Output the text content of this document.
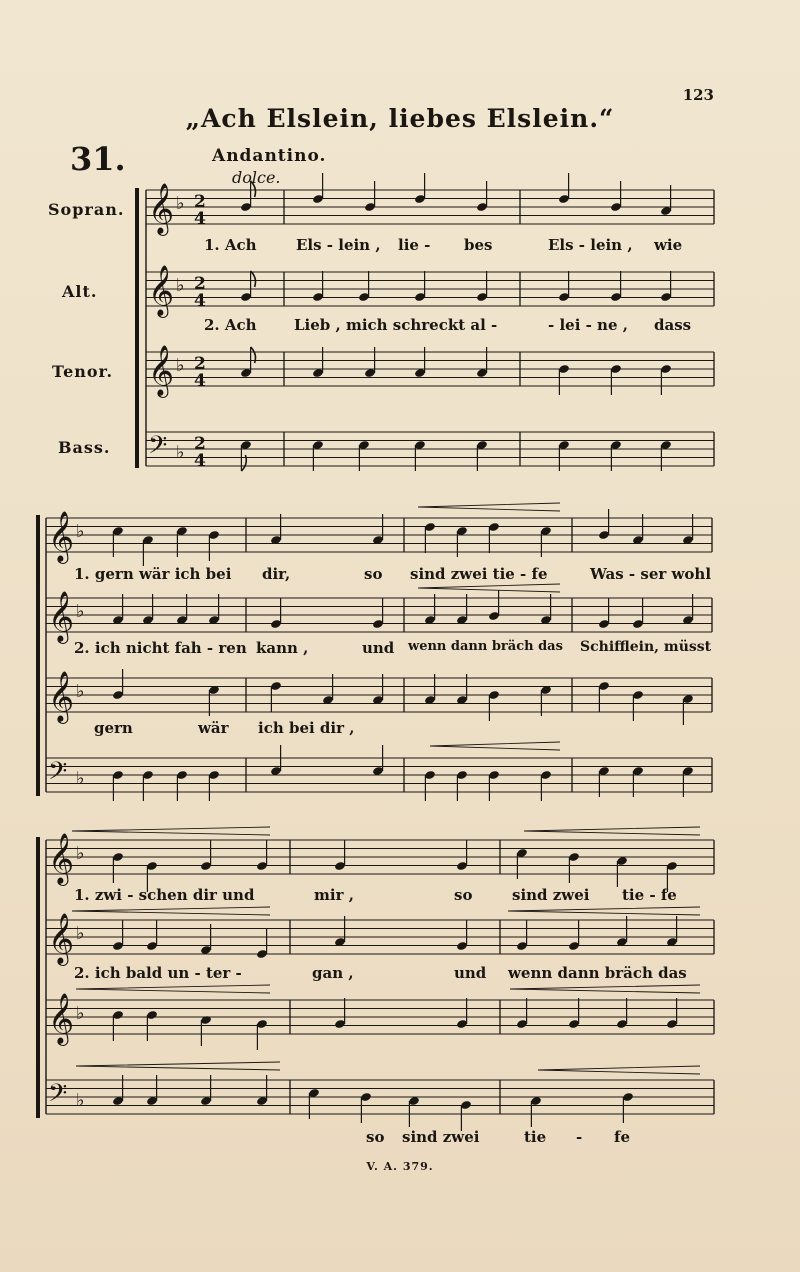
𝄞 ♭ 2
4
𝄞 ♭ 2
4
𝄞 ♭ 2
4
𝄢 ♭ 2
4
𝄞 ♭
𝄞 ♭
𝄞 ♭
𝄢 ♭
𝄞 ♭
𝄞 ♭
𝄞 ♭
𝄢 ♭
123
„Ach Elslein, liebes Elslein.“
31.	Andantino.
dolce.
Sopran.
Alt.
Tenor.
Bass.
1. Ach	Els - lein , lie - bes	Els - lein , wie
2. Ach Lieb , mich schreckt al -	- lei - ne , dass
1. gern wär ich bei dir,	so sind zwei tie - fe	Was - ser wohl
2. ich nicht fah - ren kann ,	und wenn dann bräch das Schifflein, müsst
gern	wär ich bei dir ,
1. zwi - schen dir und	mir ,	so	sind zwei tie - fe
2. ich bald un - ter -	gan ,	und wenn dann bräch das
so sind zwei	tie - fe
V. A. 379.
